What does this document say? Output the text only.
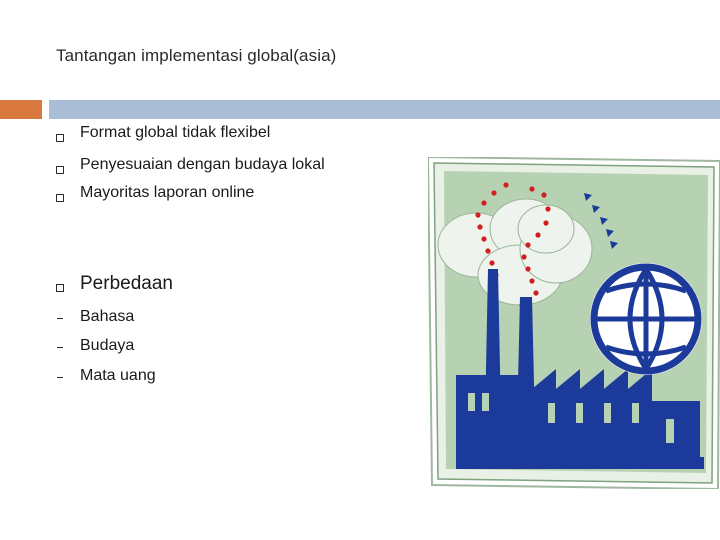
Tantangan implementasi global(asia)
Format global tidak flexibel
Penyesuaian dengan budaya lokal
Mayoritas laporan online
Perbedaan
Bahasa
Budaya
Mata uang
